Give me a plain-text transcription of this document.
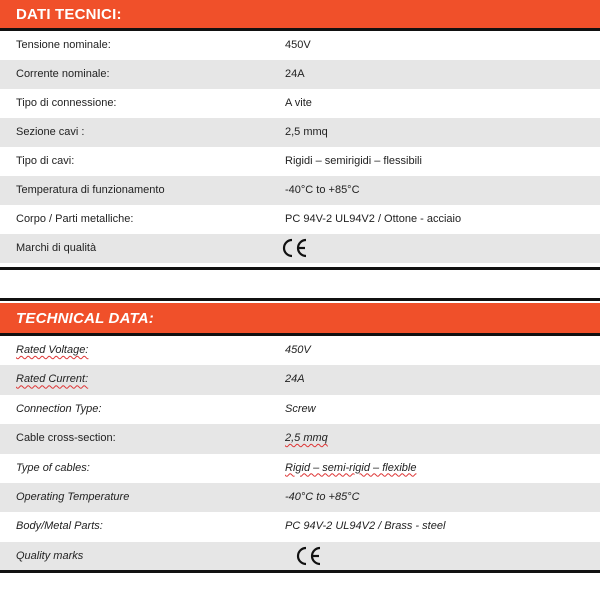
DATI TECNICI:
Tensione nominale:	450V
Corrente nominale:	24A
Tipo di connessione:	A vite
Sezione cavi :	2,5 mmq
Tipo di cavi:	Rigidi – semirigidi – flessibili
Temperatura di funzionamento	-40°C to +85°C
Corpo / Parti metalliche:	PC 94V-2 UL94V2 / Ottone - acciaio
Marchi di qualità
TECHNICAL DATA:
Rated Voltage:	450V
Rated Current:	24A
Connection Type:	Screw
Cable cross-section:	2,5 mmq
Type of cables:	Rigid – semi-rigid – flexible
Operating Temperature	-40°C to +85°C
Body/Metal Parts:	PC 94V-2 UL94V2 / Brass - steel
Quality marks
